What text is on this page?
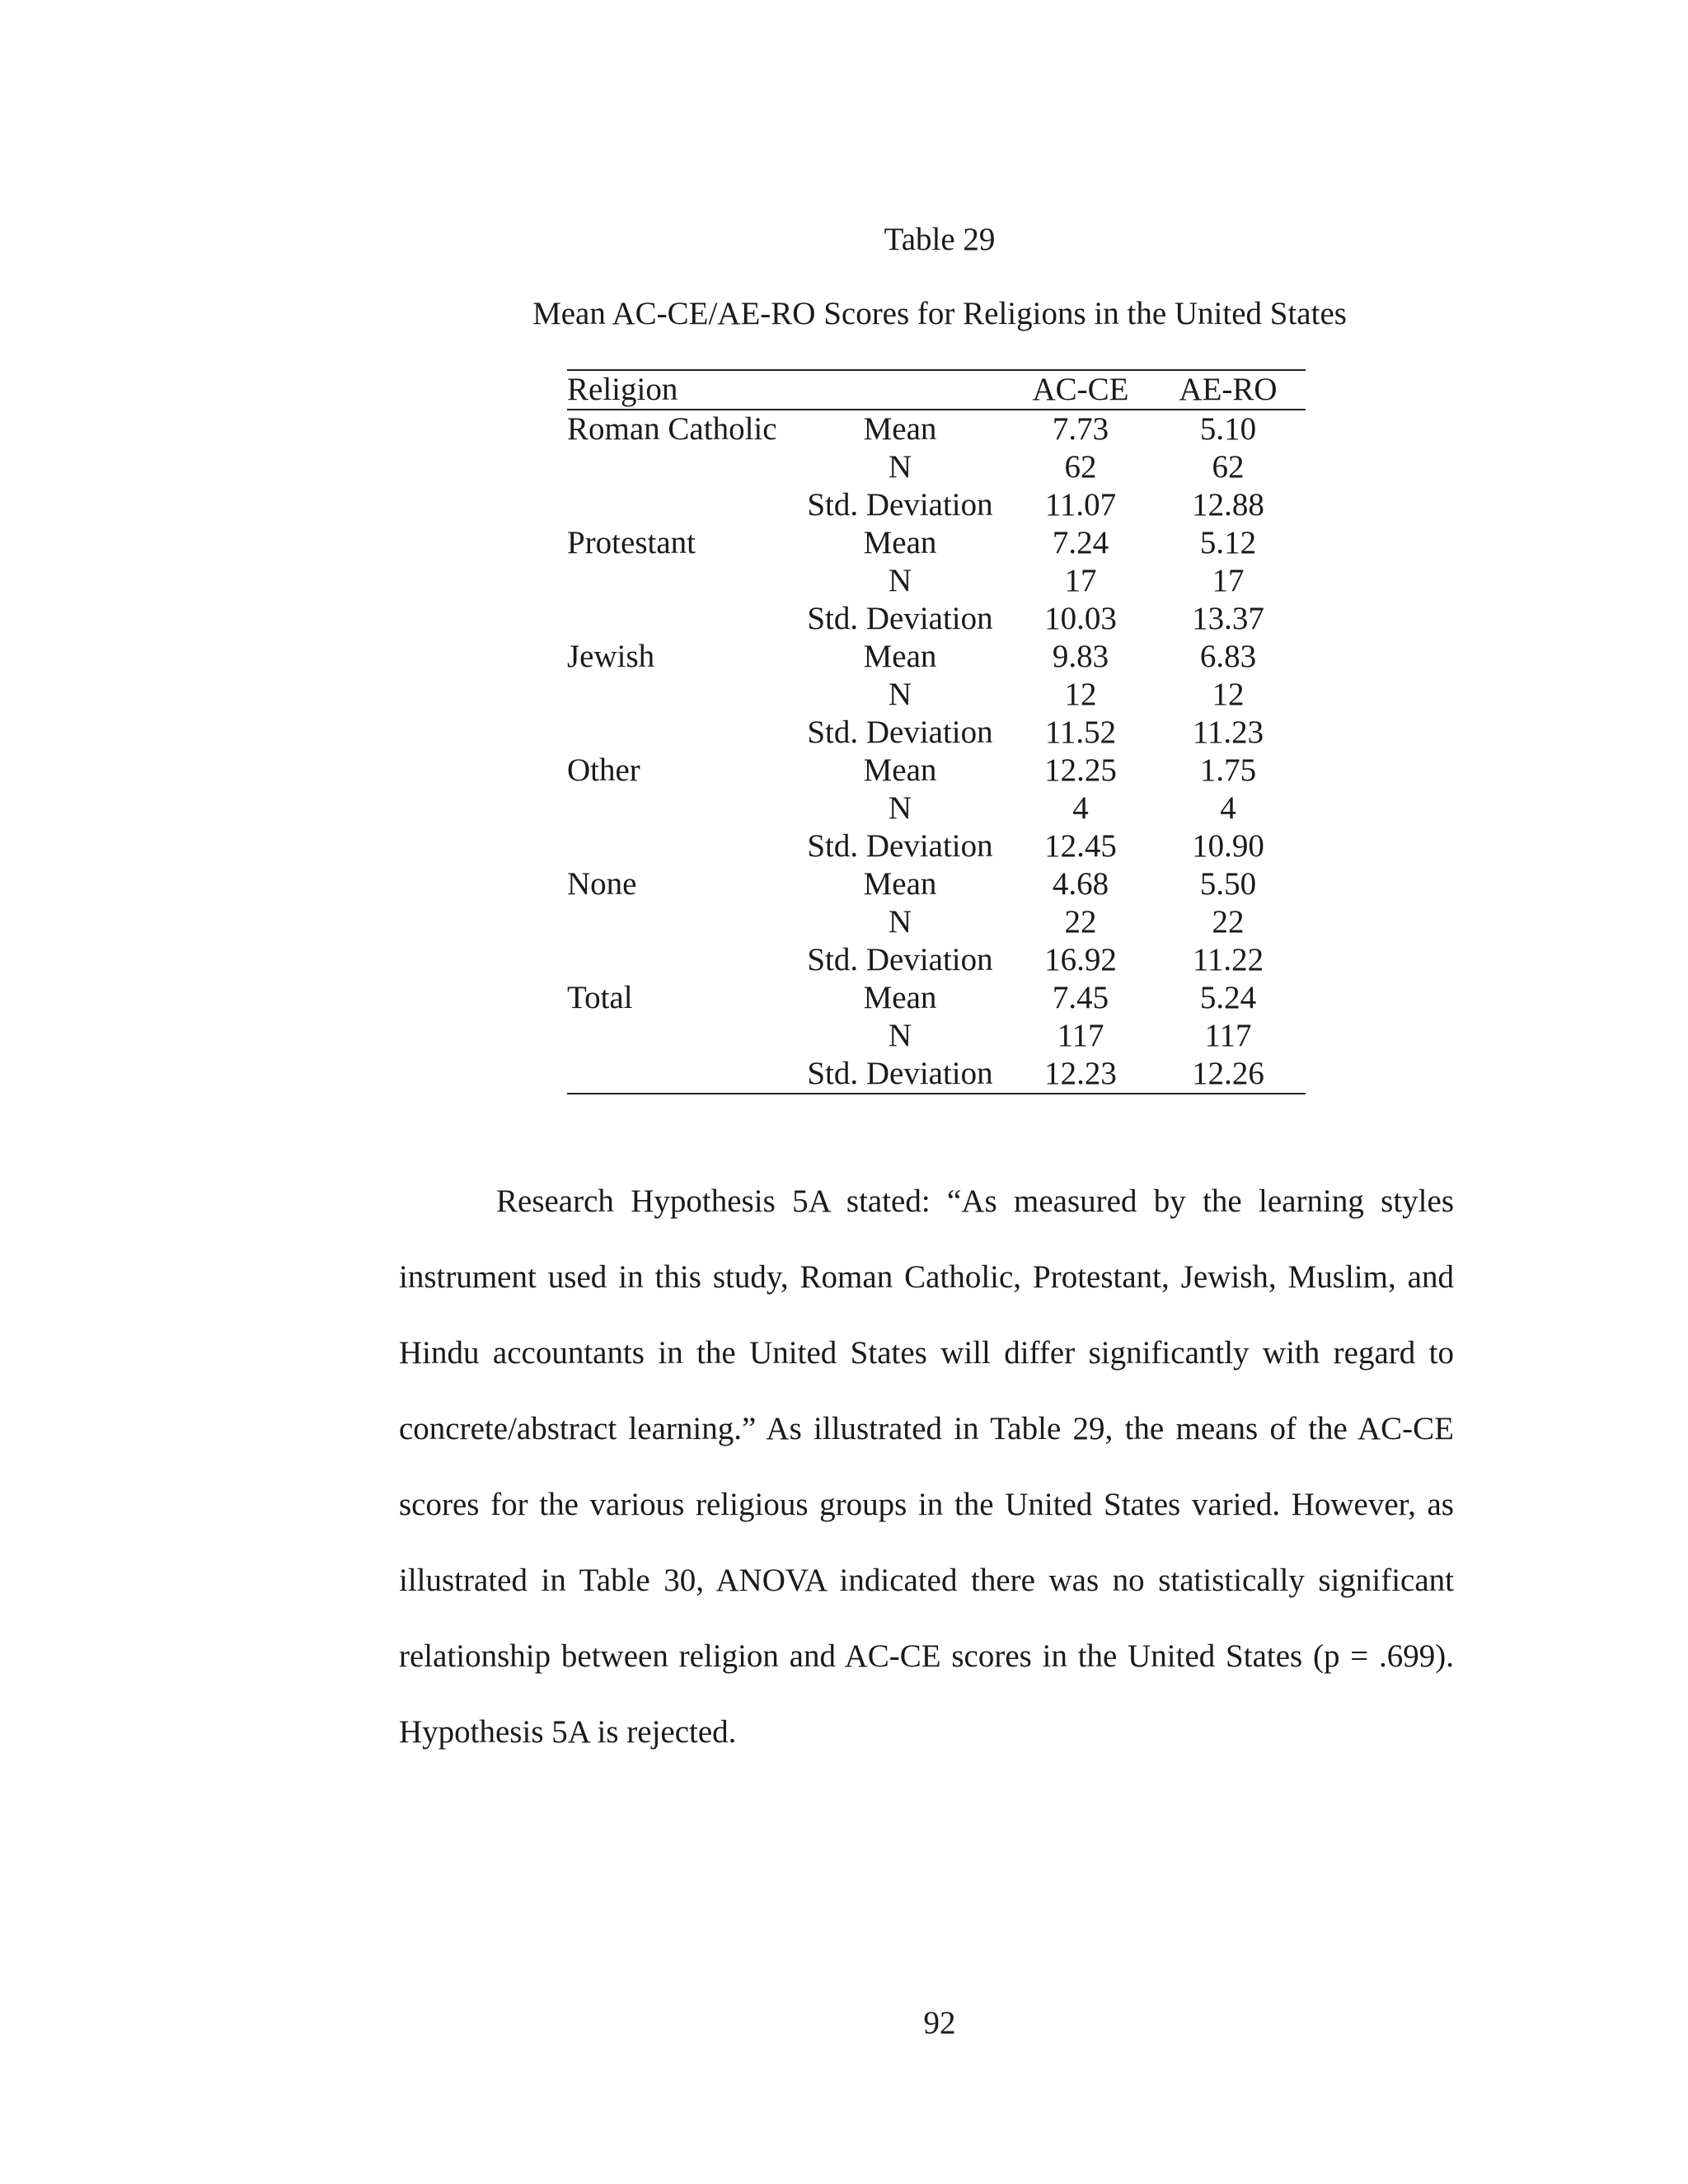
Table 29
Mean AC-CE/AE-RO Scores for Religions in the United States
Religion		AC-CE	AE-RO
Roman Catholic	Mean	7.73	5.10
	N	62	62
	Std. Deviation	11.07	12.88
Protestant	Mean	7.24	5.12
	N	17	17
	Std. Deviation	10.03	13.37
Jewish	Mean	9.83	6.83
	N	12	12
	Std. Deviation	11.52	11.23
Other	Mean	12.25	1.75
	N	4	4
	Std. Deviation	12.45	10.90
None	Mean	4.68	5.50
	N	22	22
	Std. Deviation	16.92	11.22
Total	Mean	7.45	5.24
	N	117	117
	Std. Deviation	12.23	12.26

Research Hypothesis 5A stated: “As measured by the learning styles instrument used in this study, Roman Catholic, Protestant, Jewish, Muslim, and Hindu accountants in the United States will differ significantly with regard to concrete/abstract learning.” As illustrated in Table 29, the means of the AC-CE scores for the various religious groups in the United States varied. However, as illustrated in Table 30, ANOVA indicated there was no statistically significant relationship between religion and AC-CE scores in the United States (p = .699). Hypothesis 5A is rejected.

92
